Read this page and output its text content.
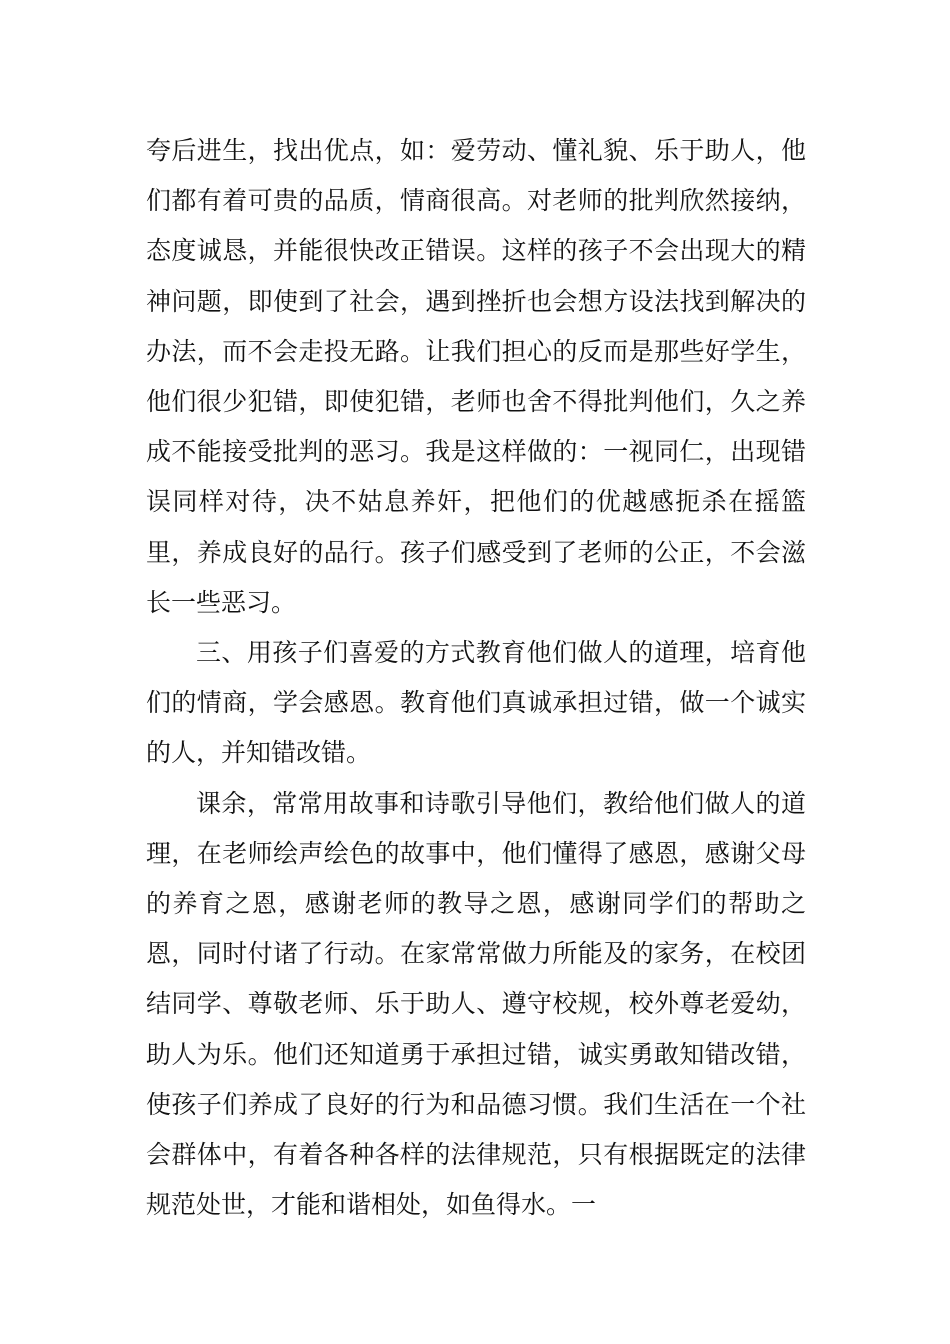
夸后进生，找出优点，如：爱劳动、懂礼貌、乐于助人，他们都有着可贵的品质，情商很高。对老师的批判欣然接纳，态度诚恳，并能很快改正错误。这样的孩子不会出现大的精神问题，即使到了社会，遇到挫折也会想方设法找到解决的办法，而不会走投无路。让我们担心的反而是那些好学生，他们很少犯错，即使犯错，老师也舍不得批判他们，久之养成不能接受批判的恶习。我是这样做的：一视同仁，出现错误同样对待，决不姑息养奸，把他们的优越感扼杀在摇篮里，养成良好的品行。孩子们感受到了老师的公正，不会滋长一些恶习。

三、用孩子们喜爱的方式教育他们做人的道理，培育他们的情商，学会感恩。教育他们真诚承担过错，做一个诚实的人，并知错改错。

课余，常常用故事和诗歌引导他们，教给他们做人的道理，在老师绘声绘色的故事中，他们懂得了感恩，感谢父母的养育之恩，感谢老师的教导之恩，感谢同学们的帮助之恩，同时付诸了行动。在家常常做力所能及的家务，在校团结同学、尊敬老师、乐于助人、遵守校规，校外尊老爱幼，助人为乐。他们还知道勇于承担过错，诚实勇敢知错改错，使孩子们养成了良好的行为和品德习惯。我们生活在一个社会群体中，有着各种各样的法律规范，只有根据既定的法律规范处世，才能和谐相处，如鱼得水。一
